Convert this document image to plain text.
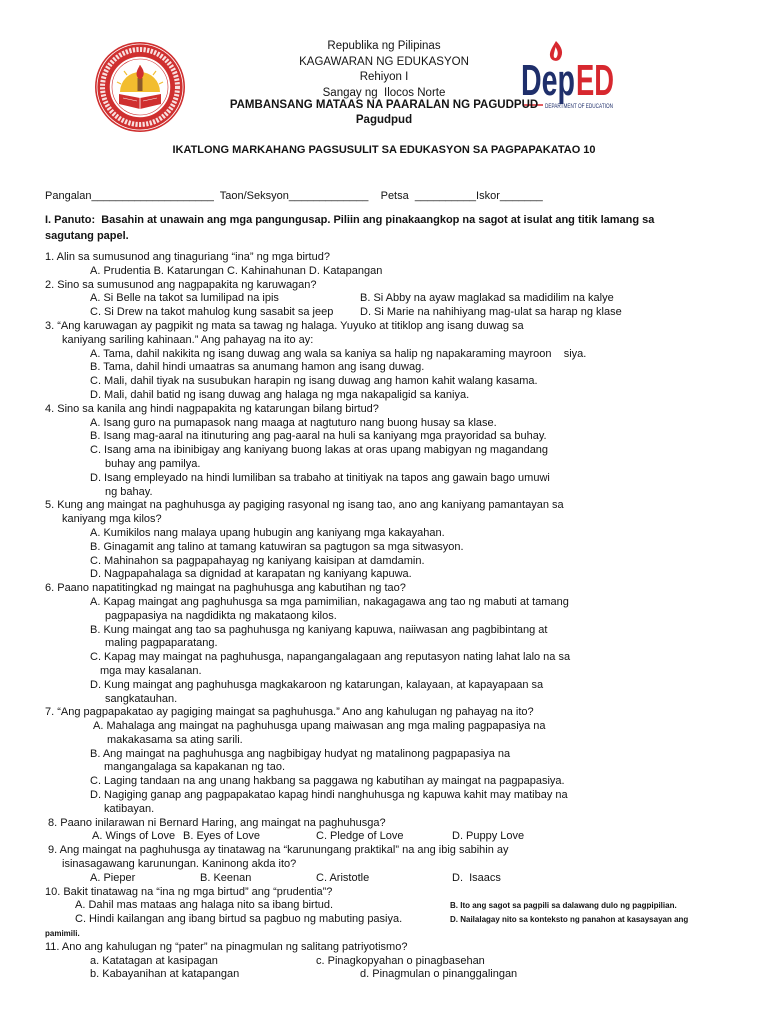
Dep ED
DEPARTMENT OF EDUCATION
Republika ng Pilipinas
KAGAWARAN NG EDUKASYON
Rehiyon I
Sangay ng  Ilocos Norte
PAMBANSANG MATAAS NA PAARALAN NG PAGUDPUD
Pagudpud
IKATLONG MARKAHANG PAGSUSULIT SA EDUKASYON SA PAGPAPAKATAO 10
Pangalan____________________  Taon/Seksyon_____________    Petsa  __________Iskor_______
I. Panuto:  Basahin at unawain ang mga pangungusap. Piliin ang pinakaangkop na sagot at isulat ang titik lamang sa
sagutang papel.
1. Alin sa sumusunod ang tinaguriang “ina” ng mga birtud?
A. Prudentia B. Katarungan C. Kahinahunan D. Katapangan
2. Sino sa sumusunod ang nagpapakita ng karuwagan?
A. Si Belle na takot sa lumilipad na ipis	B. Si Abby na ayaw maglakad sa madidilim na kalye
C. Si Drew na takot mahulog kung sasabit sa jeep D. Si Marie na nahihiyang mag-ulat sa harap ng klase
3. “Ang karuwagan ay pagpikit ng mata sa tawag ng halaga. Yuyuko at titiklop ang isang duwag sa
kaniyang sariling kahinaan.” Ang pahayag na ito ay:
A. Tama, dahil nakikita ng isang duwag ang wala sa kaniya sa halip ng napakaraming mayroon    siya.
B. Tama, dahil hindi umaatras sa anumang hamon ang isang duwag.
C. Mali, dahil tiyak na susubukan harapin ng isang duwag ang hamon kahit walang kasama.
D. Mali, dahil batid ng isang duwag ang halaga ng mga nakapaligid sa kaniya.
4. Sino sa kanila ang hindi nagpapakita ng katarungan bilang birtud?
A. Isang guro na pumapasok nang maaga at nagtuturo nang buong husay sa klase.
B. Isang mag-aaral na itinuturing ang pag-aaral na huli sa kaniyang mga prayoridad sa buhay.
C. Isang ama na ibinibigay ang kaniyang buong lakas at oras upang mabigyan ng magandang
buhay ang pamilya.
D. Isang empleyado na hindi lumiliban sa trabaho at tinitiyak na tapos ang gawain bago umuwi
ng bahay.
5. Kung ang maingat na paghuhusga ay pagiging rasyonal ng isang tao, ano ang kaniyang pamantayan sa
kaniyang mga kilos?
A. Kumikilos nang malaya upang hubugin ang kaniyang mga kakayahan.
B. Ginagamit ang talino at tamang katuwiran sa pagtugon sa mga sitwasyon.
C. Mahinahon sa pagpapahayag ng kaniyang kaisipan at damdamin.
D. Nagpapahalaga sa dignidad at karapatan ng kaniyang kapuwa.
6. Paano napatitingkad ng maingat na paghuhusga ang kabutihan ng tao?
A. Kapag maingat ang paghuhusga sa mga pamimilian, nakagagawa ang tao ng mabuti at tamang
pagpapasiya na nagdidikta ng makataong kilos.
B. Kung maingat ang tao sa paghuhusga ng kaniyang kapuwa, naiiwasan ang pagbibintang at
maling pagpaparatang.
C. Kapag may maingat na paghuhusga, napangangalagaan ang reputasyon nating lahat lalo na sa
mga may kasalanan.
D. Kung maingat ang paghuhusga magkakaroon ng katarungan, kalayaan, at kapayapaan sa
sangkatauhan.
7. “Ang pagpapakatao ay pagiging maingat sa paghuhusga.” Ano ang kahulugan ng pahayag na ito?
A. Mahalaga ang maingat na paghuhusga upang maiwasan ang mga maling pagpapasiya na
makakasama sa ating sarili.
B. Ang maingat na paghuhusga ang nagbibigay hudyat ng matalinong pagpapasiya na
mangangalaga sa kapakanan ng tao.
C. Laging tandaan na ang unang hakbang sa paggawa ng kabutihan ay maingat na pagpapasiya.
D. Nagiging ganap ang pagpapakatao kapag hindi nanghuhusga ng kapuwa kahit may matibay na
katibayan.
8. Paano inilarawan ni Bernard Haring, ang maingat na paghuhusga?
A. Wings of Love B. Eyes of Love	C. Pledge of Love	D. Puppy Love
9. Ang maingat na paghuhusga ay tinatawag na “karunungang praktikal” na ang ibig sabihin ay
isinasagawang karunungan. Kaninong akda ito?
A. Pieper	B. Keenan	C. Aristotle	D.  Isaacs
10. Bakit tinatawag na “ina ng mga birtud” ang “prudentia”?
A. Dahil mas mataas ang halaga nito sa ibang birtud.	B. Ito ang sagot sa pagpili sa dalawang dulo ng pagpipilian.
C. Hindi kailangan ang ibang birtud sa pagbuo ng mabuting pasiya.	D. Nailalagay nito sa konteksto ng panahon at kasaysayan ang
pamimili.
11. Ano ang kahulugan ng “pater” na pinagmulan ng salitang patriyotismo?
a. Katatagan at kasipagan	c. Pinagkopyahan o pinagbasehan
b. Kabayanihan at katapangan	d. Pinagmulan o pinanggalingan
